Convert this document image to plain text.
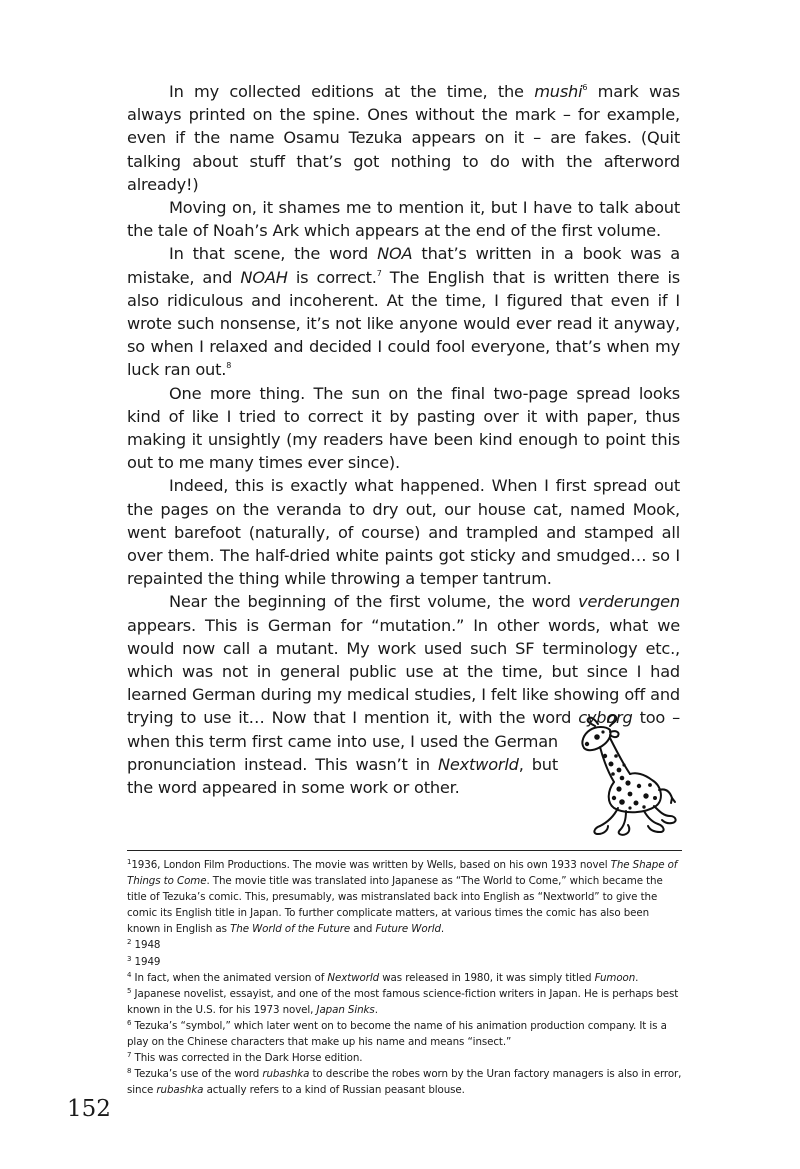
In my collected editions at the time, the mushi$^6$ mark was always printed on the spine. Ones without the mark – for example, even if the name Osamu Tezuka appears on it – are fakes. (Quit talking about stuff that’s got nothing to do with the afterword already!)

Moving on, it shames me to mention it, but I have to talk about the tale of Noah’s Ark which appears at the end of the first volume.

In that scene, the word NOA that’s written in a book was a mistake, and NOAH is correct.$^7$ The English that is written there is also ridiculous and incoherent. At the time, I figured that even if I wrote such nonsense, it’s not like anyone would ever read it anyway, so when I relaxed and decided I could fool everyone, that’s when my luck ran out.$^8$

One more thing. The sun on the final two-page spread looks kind of like I tried to correct it by pasting over it with paper, thus making it unsightly (my readers have been kind enough to point this out to me many times ever since).

Indeed, this is exactly what happened. When I first spread out the pages on the veranda to dry out, our house cat, named Mook, went barefoot (naturally, of course) and trampled and stamped all over them. The half-dried white paints got sticky and smudged… so I repainted the thing while throwing a temper tantrum.

Near the beginning of the first volume, the word verderungen appears. This is German for “mutation.” In other words, what we would now call a mutant. My work used such SF terminology etc., which was not in general public use at the time, but since I had learned German during my medical studies, I felt like showing off and trying to use it… Now that I mention it, with the word
cyborg too – when this term first came into use, I used the German pronunciation instead. This wasn’t in Nextworld, but the word appeared in some work or other.

$^1$1936, London Film Productions. The movie was written by Wells, based on his own 1933 novel The Shape of Things to Come. The movie title was translated into Japanese as “The World to Come,” which became the title of Tezuka’s comic. This, presumably, was mistranslated back into English as “Nextworld” to give the comic its English title in Japan. To further complicate matters, at various times the comic has also been known in English as The World of the Future and Future World.
$^2$ 1948
$^3$ 1949
$^4$ In fact, when the animated version of Nextworld was released in 1980, it was simply titled Fumoon.
$^5$ Japanese novelist, essayist, and one of the most famous science-fiction writers in Japan. He is perhaps best known in the U.S. for his 1973 novel, Japan Sinks.
$^6$ Tezuka’s “symbol,” which later went on to become the name of his animation production company. It is a play on the Chinese characters that make up his name and means “insect.”
$^7$ This was corrected in the Dark Horse edition.
$^8$ Tezuka’s use of the word rubashka to describe the robes worn by the Uran factory managers is also in error, since rubashka actually refers to a kind of Russian peasant blouse.
152
